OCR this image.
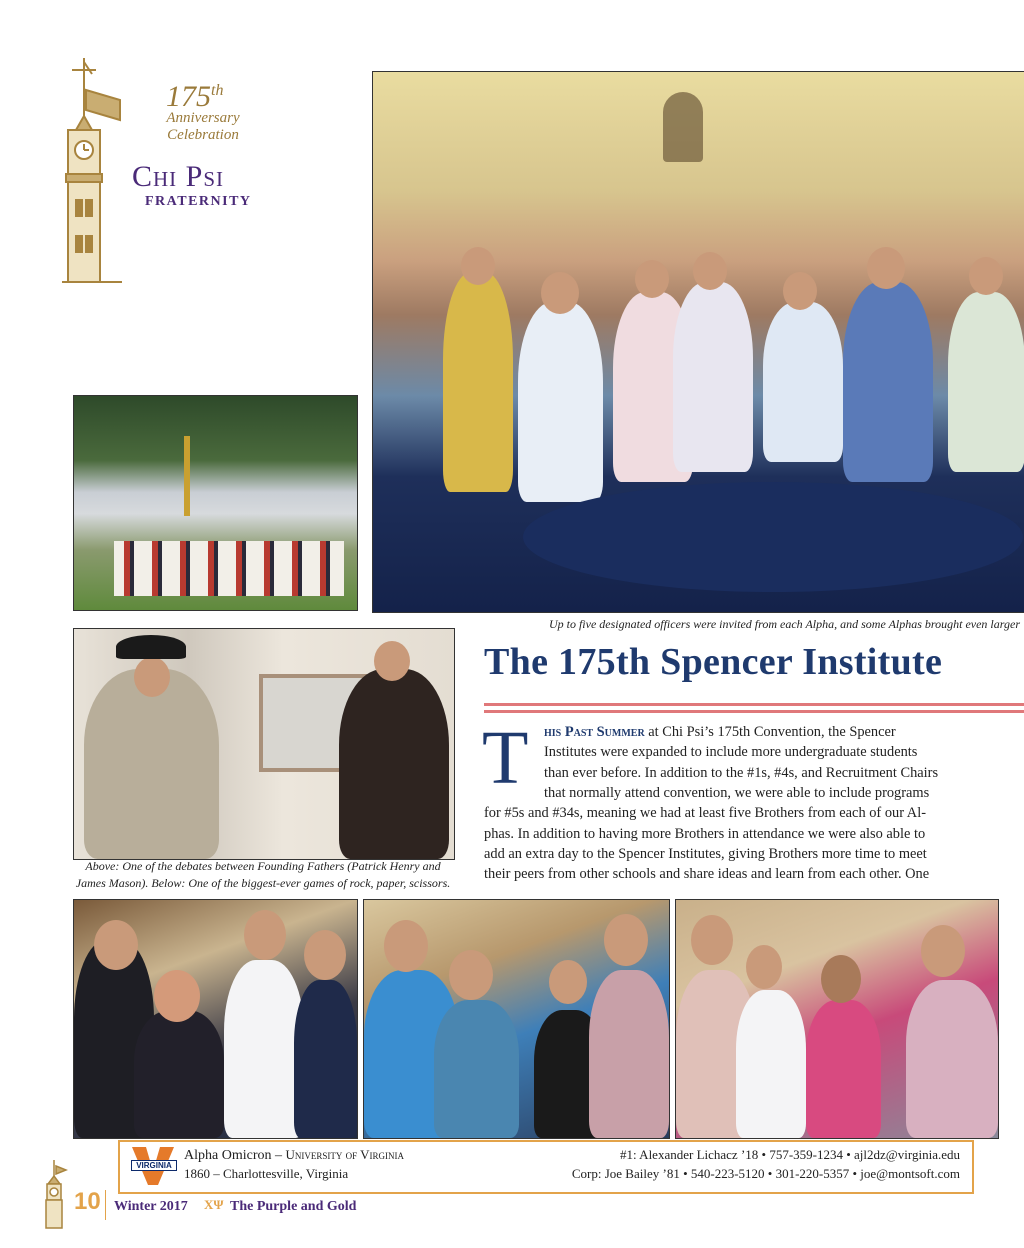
175th
Anniversary
Celebration
Chi Psi
FRATERNITY
Up to five designated officers were invited from each Alpha, and some Alphas brought even larger
Above: One of the debates between Founding Fathers (Patrick Henry and
James Mason). Below: One of the biggest-ever games of rock, paper, scissors.
The 175th Spencer Institute
T his Past Summer at Chi Psi’s 175th Convention, the Spencer
Institutes were expanded to include more undergraduate students
than ever before. In addition to the #1s, #4s, and Recruitment Chairs
that normally attend convention, we were able to include programs
for #5s and #34s, meaning we had at least five Brothers from each of our Al-
phas. In addition to having more Brothers in attendance we were also able to
add an extra day to the Spencer Institutes, giving Brothers more time to meet
their peers from other schools and share ideas and learn from each other. One
VIRGINIA
Alpha Omicron – University of Virginia
1860 – Charlottesville, Virginia
#1: Alexander Lichacz ’18 • 757-359-1234 • ajl2dz@virginia.edu
Corp: Joe Bailey ’81 • 540-223-5120 • 301-220-5357 • joe@montsoft.com
10 Winter 2017 ΧΨ The Purple and Gold
